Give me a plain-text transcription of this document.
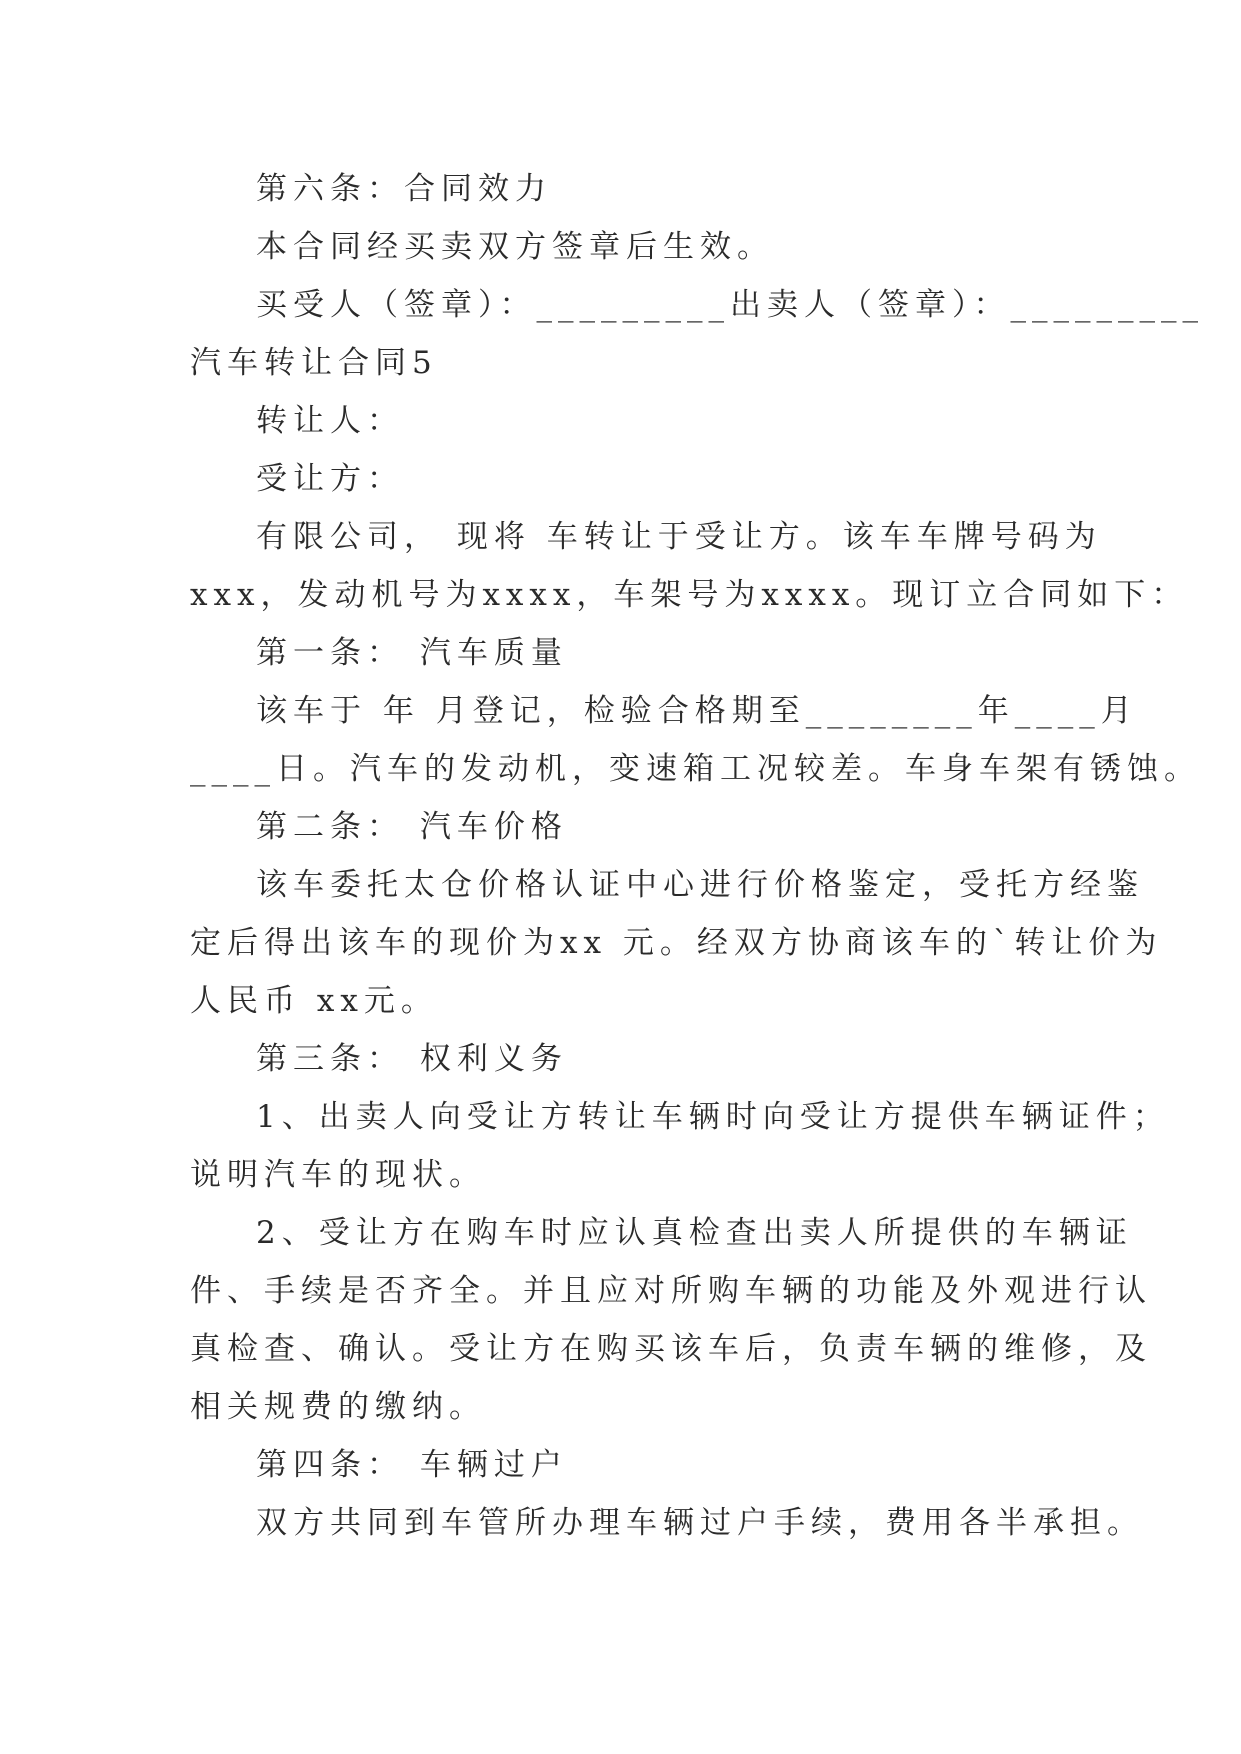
第六条：合同效力
本合同经买卖双方签章后生效。
买受人（签章）：_________出卖人（签章）：_________
汽车转让合同5
转让人：
受让方：
有限公司， 现将 车转让于受让方。该车车牌号码为
xxx，发动机号为xxxx，车架号为xxxx。现订立合同如下：
第一条： 汽车质量
该车于 年 月登记，检验合格期至________年____月
____日。汽车的发动机，变速箱工况较差。车身车架有锈蚀。
第二条： 汽车价格
该车委托太仓价格认证中心进行价格鉴定，受托方经鉴
定后得出该车的现价为xx 元。经双方协商该车的`转让价为
人民币 xx元。
第三条： 权利义务
1、出卖人向受让方转让车辆时向受让方提供车辆证件；
说明汽车的现状。
2、受让方在购车时应认真检查出卖人所提供的车辆证
件、手续是否齐全。并且应对所购车辆的功能及外观进行认
真检查、确认。受让方在购买该车后，负责车辆的维修，及
相关规费的缴纳。
第四条： 车辆过户
双方共同到车管所办理车辆过户手续，费用各半承担。
